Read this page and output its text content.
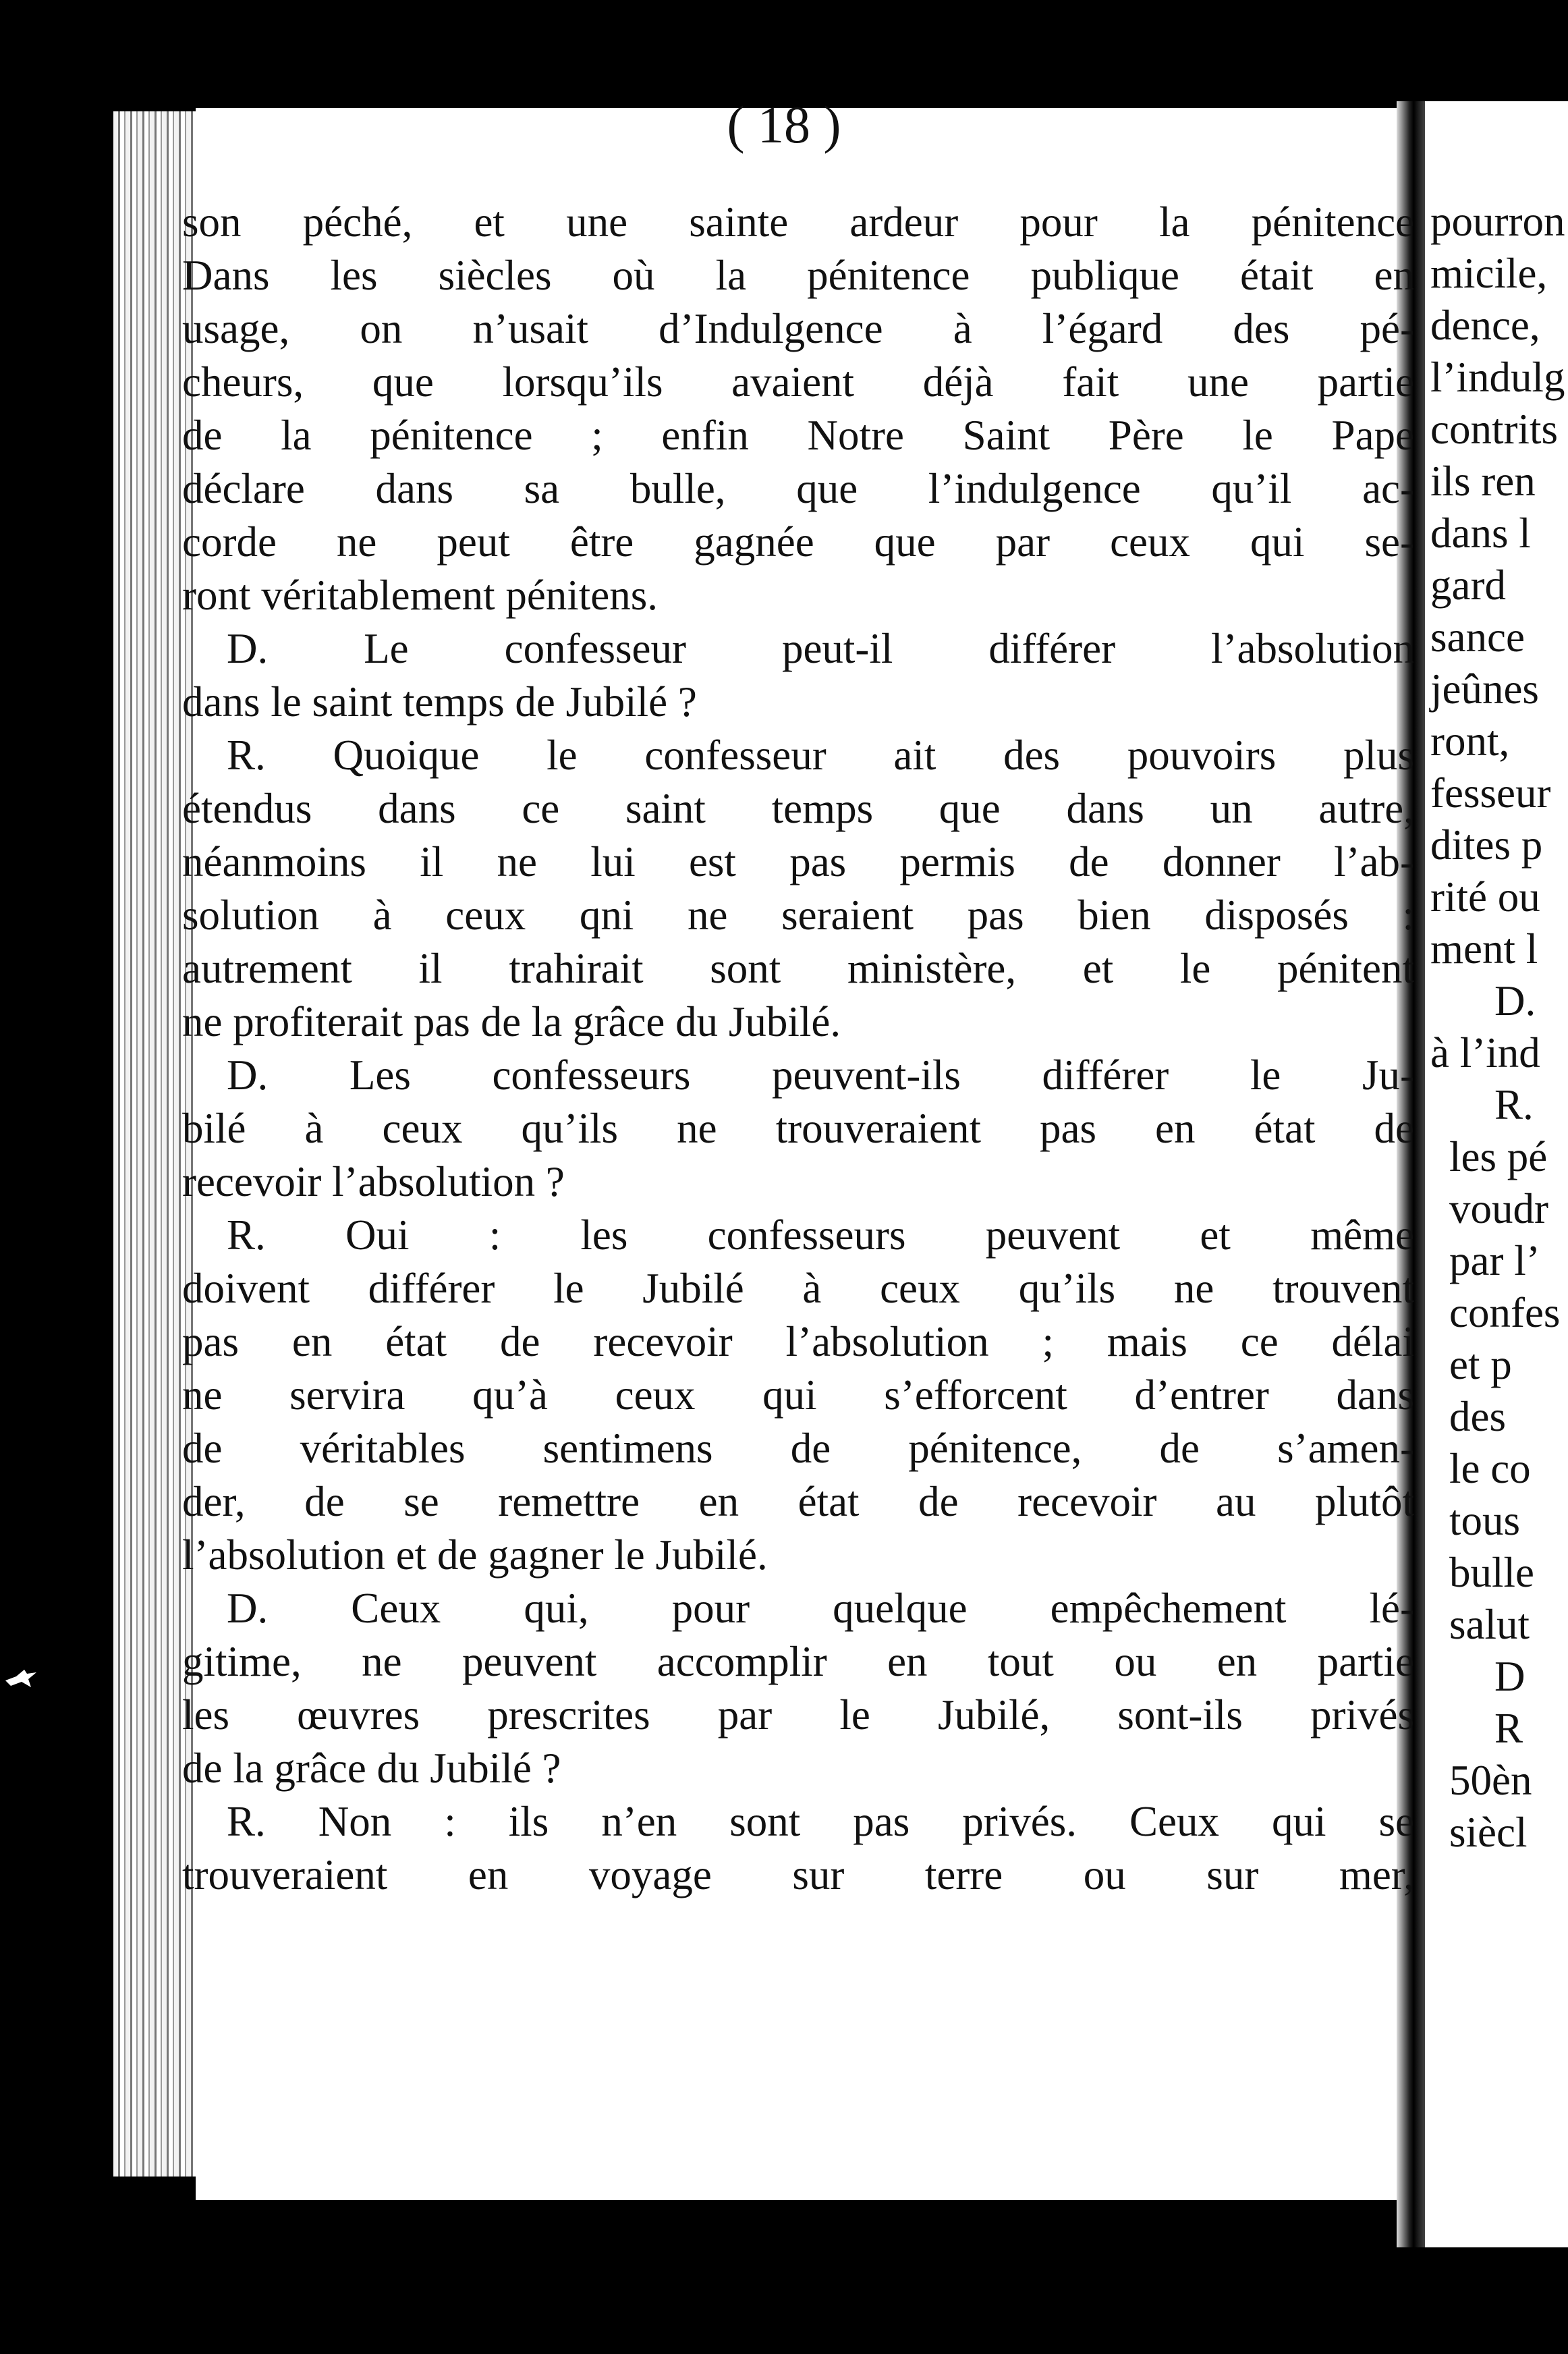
( 18 )
son péché, et une sainte ardeur pour la pénitence
Dans les siècles où la pénitence publique était en
usage, on n’usait d’Indulgence à l’égard des pé-
cheurs, que lorsqu’ils avaient déjà fait une partie
de la pénitence ; enfin Notre Saint Père le Pape
déclare dans sa bulle, que l’indulgence qu’il ac-
corde ne peut être gagnée que par ceux qui se-
ront véritablement pénitens.
D. Le confesseur peut-il différer l’absolution
dans le saint temps de Jubilé ?
R. Quoique le confesseur ait des pouvoirs plus
étendus dans ce saint temps que dans un autre,
néanmoins il ne lui est pas permis de donner l’ab-
solution à ceux qni ne seraient pas bien disposés :
autrement il trahirait sont ministère, et le pénitent
ne profiterait pas de la grâce du Jubilé.
D. Les confesseurs peuvent-ils différer le Ju-
bilé à ceux qu’ils ne trouveraient pas en état de
recevoir l’absolution ?
R. Oui : les confesseurs peuvent et même
doivent différer le Jubilé à ceux qu’ils ne trouvent
pas en état de recevoir l’absolution ; mais ce délai
ne servira qu’à ceux qui s’efforcent d’entrer dans
de véritables sentimens de pénitence, de s’amen-
der, de se remettre en état de recevoir au plutôt
l’absolution et de gagner le Jubilé.
D. Ceux qui, pour quelque empêchement lé-
gitime, ne peuvent accomplir en tout ou en partie
les œuvres prescrites par le Jubilé, sont-ils privés
de la grâce du Jubilé ?
R. Non : ils n’en sont pas privés. Ceux qui se
trouveraient en voyage sur terre ou sur mer,
pourron
micile,
dence,
l’indulg
contrits
ils ren
dans l
gard
sance
jeûnes
ront,
fesseur
dites p
rité ou
ment l
D.
à l’ind
R.
les pé
voudr
par l’
confes
et p
des
le co
tous
bulle
salut
D
R
50èn
siècl
